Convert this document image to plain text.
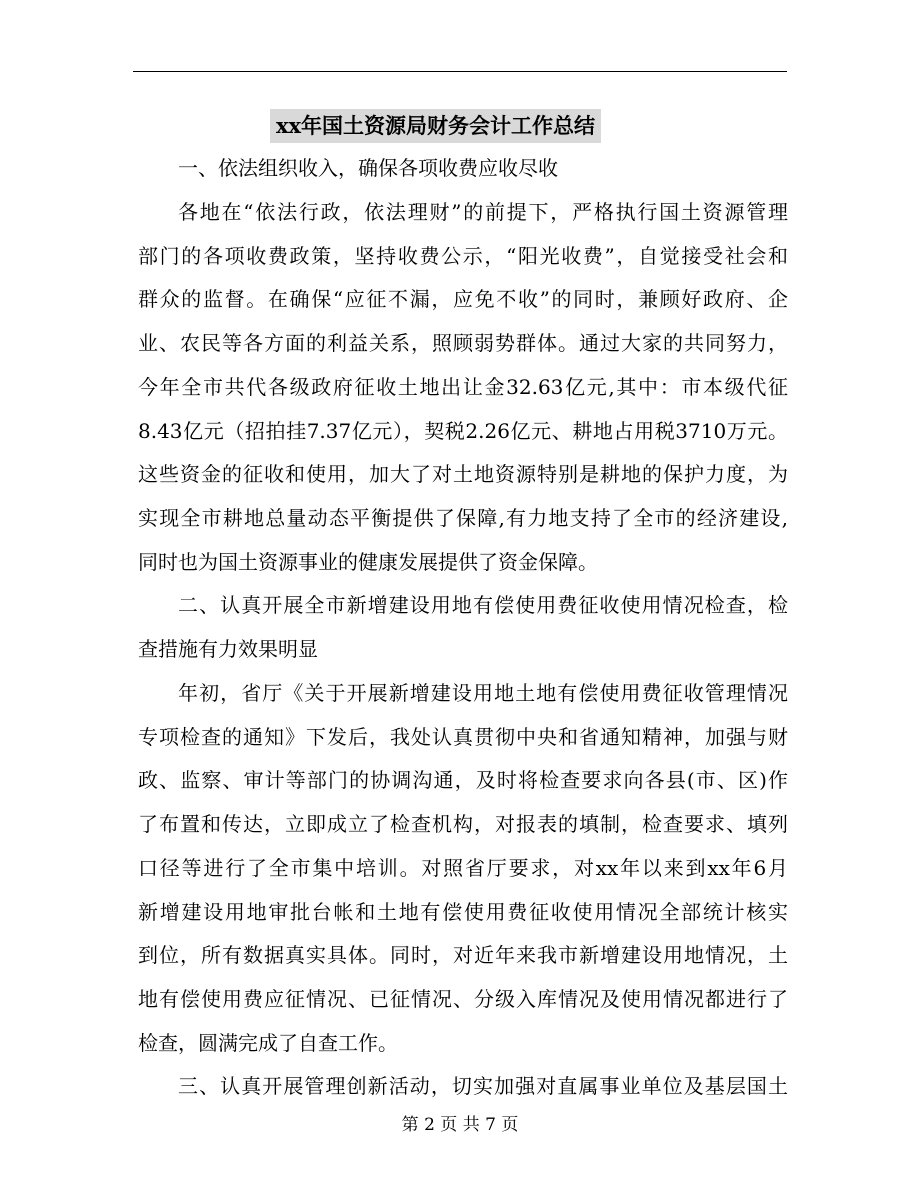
xx年国土资源局财务会计工作总结
一、依法组织收入，确保各项收费应收尽收
各地在“依法行政，依法理财”的前提下，严格执行国土资源管理
部门的各项收费政策，坚持收费公示，“阳光收费”，自觉接受社会和
群众的监督。在确保“应征不漏，应免不收”的同时，兼顾好政府、企
业、农民等各方面的利益关系，照顾弱势群体。通过大家的共同努力，
今年全市共代各级政府征收土地出让金32.63亿元,其中：市本级代征
8.43亿元（招拍挂7.37亿元），契税2.26亿元、耕地占用税3710万元。
这些资金的征收和使用，加大了对土地资源特别是耕地的保护力度，为
实现全市耕地总量动态平衡提供了保障,有力地支持了全市的经济建设,
同时也为国土资源事业的健康发展提供了资金保障。
二、认真开展全市新增建设用地有偿使用费征收使用情况检查，检
查措施有力效果明显
年初，省厅《关于开展新增建设用地土地有偿使用费征收管理情况
专项检查的通知》下发后，我处认真贯彻中央和省通知精神，加强与财
政、监察、审计等部门的协调沟通，及时将检查要求向各县(市、区)作
了布置和传达，立即成立了检查机构，对报表的填制，检查要求、填列
口径等进行了全市集中培训。对照省厅要求，对xx年以来到xx年6月
新增建设用地审批台帐和土地有偿使用费征收使用情况全部统计核实
到位，所有数据真实具体。同时，对近年来我市新增建设用地情况，土
地有偿使用费应征情况、已征情况、分级入库情况及使用情况都进行了
检查，圆满完成了自查工作。
三、认真开展管理创新活动，切实加强对直属事业单位及基层国土
第 2 页 共 7 页
